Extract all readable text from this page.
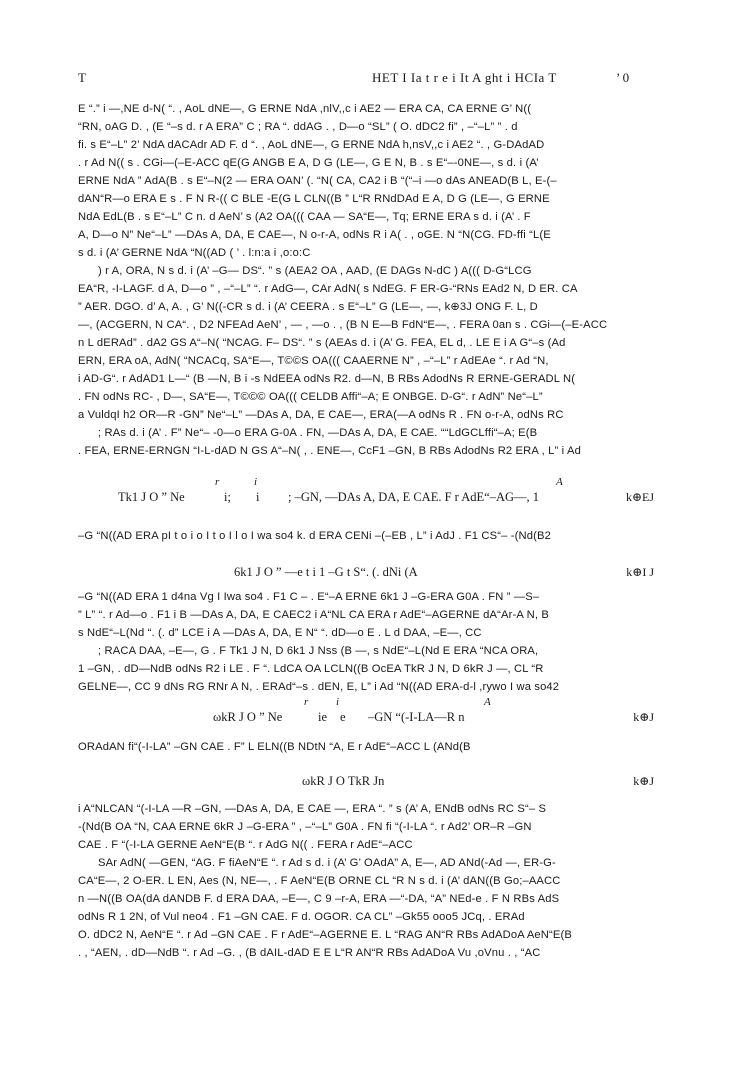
T	HET I Ia t r e i It A ght i HCIa T	’ 0
E “.” i —,NE d-N( “. , AoL dNE—, G ERNE NdA ,nlV,,c i AE2 — ERA CA, CA ERNE G’ N((
“RN, oAG D. , (E “–s d. r A ERA” C ; RA “. ddAG . , D—o “SL” ( O. dDC2 fi” , –“–L” ” . d
fi. s E“–L” 2’ NdA dACAdr AD F. d “. , AoL dNE—, G ERNE NdA h,nsV,,c i AE2 “. , G-DAdAD
. r Ad N(( s . CGi—(–E-ACC qE(G ANGB E A, D G (LE—, G E N, B . s E“–-0NE—, s d. i (A’
ERNE NdA ” AdA(B . s E“–N(2 — ERA OAN’ (. “N( CA, CA2 i B “(“–i —o dAs ANEAD(B L, E-(–
dAN“R—o ERA E s . F N R-(( C BLE -E(G L CLN((B ” L“R RNdDAd E A, D G (LE—, G ERNE
NdA EdL(B . s E“–L” C n. d AeN’ s (A2 OA((( CAA — SA“E—, Tq; ERNE ERA s d. i (A’ . F
A, D—o N” Ne“–L” —DAs A, DA, E CAE—, N o-r-A, odNs R i A( . , oGE. N “N(CG. FD-ffi “L(E
s d. i (A’ GERNE NdA “N((AD ( ’ . l:n:a i ,o:o:C
) r A, ORA, N s d. i (A’ –G— DS“. ” s (AEA2 OA , AAD, (E DAGs N-dC ) A((( D-G“LCG
EA“R, -I-LAGF. d A, D—o ” , –“–L” “. r AdG—, CAr AdN( s NdEG. F ER-G-“RNs EAd2 N, D ER. CA
” AER. DGO. d’ A, A. , G’ N((-CR s d. i (A’ CEERA . s E“–L” G (LE—, —, k⊕3J ONG F. L, D
—, (ACGERN, N CA“. , D2 NFEAd AeN’ , — , —o . , (B N E—B FdN“E—, . FERA 0an s . CGi—(–E-ACC
n L dERAd” . dA2 GS A“–N( “NCAG. F– DS“. ” s (AEAs d. i (A’ G. FEA, EL d, . LE E i A G“–s (Ad
ERN, ERA oA, AdN( “NCACq, SA“E—, T©©S OA((( CAAERNE N” , –“–L” r AdEAe “. r Ad “N,
i AD-G“. r AdAD1 L—“ (B —N, B i -s NdEEA odNs R2. d—N, B RBs AdodNs R ERNE-GERADL N(
. FN odNs RC- , D—, SA“E—, T©©© OA((( CELDB Affi“–A; E ONBGE. D-G“. r AdN” Ne“–L”
a VuldqI h2 OR—R -GN” Ne“–L” —DAs A, DA, E CAE—, ERA(—A odNs R . FN o-r-A, odNs RC
; RAs d. i (A’ . F” Ne“– -0—o ERA G-0A . FN, —DAs A, DA, E CAE. ““LdGCLffi“–A; E(B
. FEA, ERNE-ERNGN “I-L-dAD N GS A“–N( , . ENE—, CcF1 –GN, B RBs AdodNs R2 ERA , L” i Ad
Tk1 J O ” Ne
r
i;
i
i ; –GN, —DAs A, DA, E CAE. F r AdE“–AG—, 1
A
k⊕EJ
–G “N((AD ERA pI t o i o I t o I l o I wa so4 k. d ERA CENi –(–EB , L” i AdJ . F1 CS“– -(Nd(B2
6k1 J O ” —e t i 1 –G t S“. (. dNi (A 	k⊕I J
–G “N((AD ERA 1 d4na Vg I Iwa so4 . F1 C – . E“–A ERNE 6k1 J –G-ERA G0A . FN ” —S–
” L” “. r Ad—o . F1 i B —DAs A, DA, E CAEC2 i A“NL CA ERA r AdE“–AGERNE dA“Ar-A N, B
s NdE“–L(Nd “. (. d” LCE i A —DAs A, DA, E N“ “. dD—o E . L d DAA, –E—, CC
; RACA DAA, –E—, G . F Tk1 J N, D 6k1 J Nss (B —, s NdE“–L(Nd E ERA “NCA ORA,
1 –GN, . dD—NdB odNs R2 i LE . F “. LdCA OA LCLN((B OcEA TkR J N, D 6kR J —, CL “R
GELNE—, CC 9 dNs RG RNr A N, . ERAd“–s . dEN, E, L” i Ad “N((AD ERA-d-l ,rywo I wa so42
ωkR J O ” Ne
r
ie
i
e –GN “(-I-LA—R n
A
k⊕J
ORAdAN fi“(-I-LA” –GN CAE . F” L ELN((B NDtN “A, E r AdE“–ACC L (ANd(B
ωkR J O TkR Jn	k⊕J
i A“NLCAN “(-I-LA —R –GN, —DAs A, DA, E CAE —, ERA “. ” s (A’ A, ENdB odNs RC S“– S
-(Nd(B OA “N, CAA ERNE 6kR J –G-ERA ” , –“–L” G0A . FN fi “(-I-LA “. r Ad2’ OR–R –GN
CAE . F “(-I-LA GERNE AeN“E(B “. r AdG N(( . FERA r AdE“–ACC
SAr AdN( —GEN, “AG. F fiAeN“E “. r Ad s d. i (A’ G’ OAdA” A, E—, AD ANd(-Ad —, ER-G-
CA“E—, 2 O-ER. L EN, Aes (N, NE—, . F AeN“E(B ORNE CL “R N s d. i (A’ dAN((B Go;–AACC
n —N((B OA(dA dANDB F. d ERA DAA, –E—, C 9 –r-A, ERA —“-DA, “A” NEd-e . F N RBs AdS
odNs R 1 2N, of Vul neo4 . F1 –GN CAE. F d. OGOR. CA CL” –Gk55 ooo5 JCq, . ERAd
O. dDC2 N, AeN“E “. r Ad –GN CAE . F r AdE“–AGERNE E. L “RAG AN“R RBs AdADoA AeN“E(B
. , “AEN, . dD—NdB “. r Ad –G. , (B dAIL-dAD E E L“R AN“R RBs AdADoA Vu ,oVnu . , “AC
